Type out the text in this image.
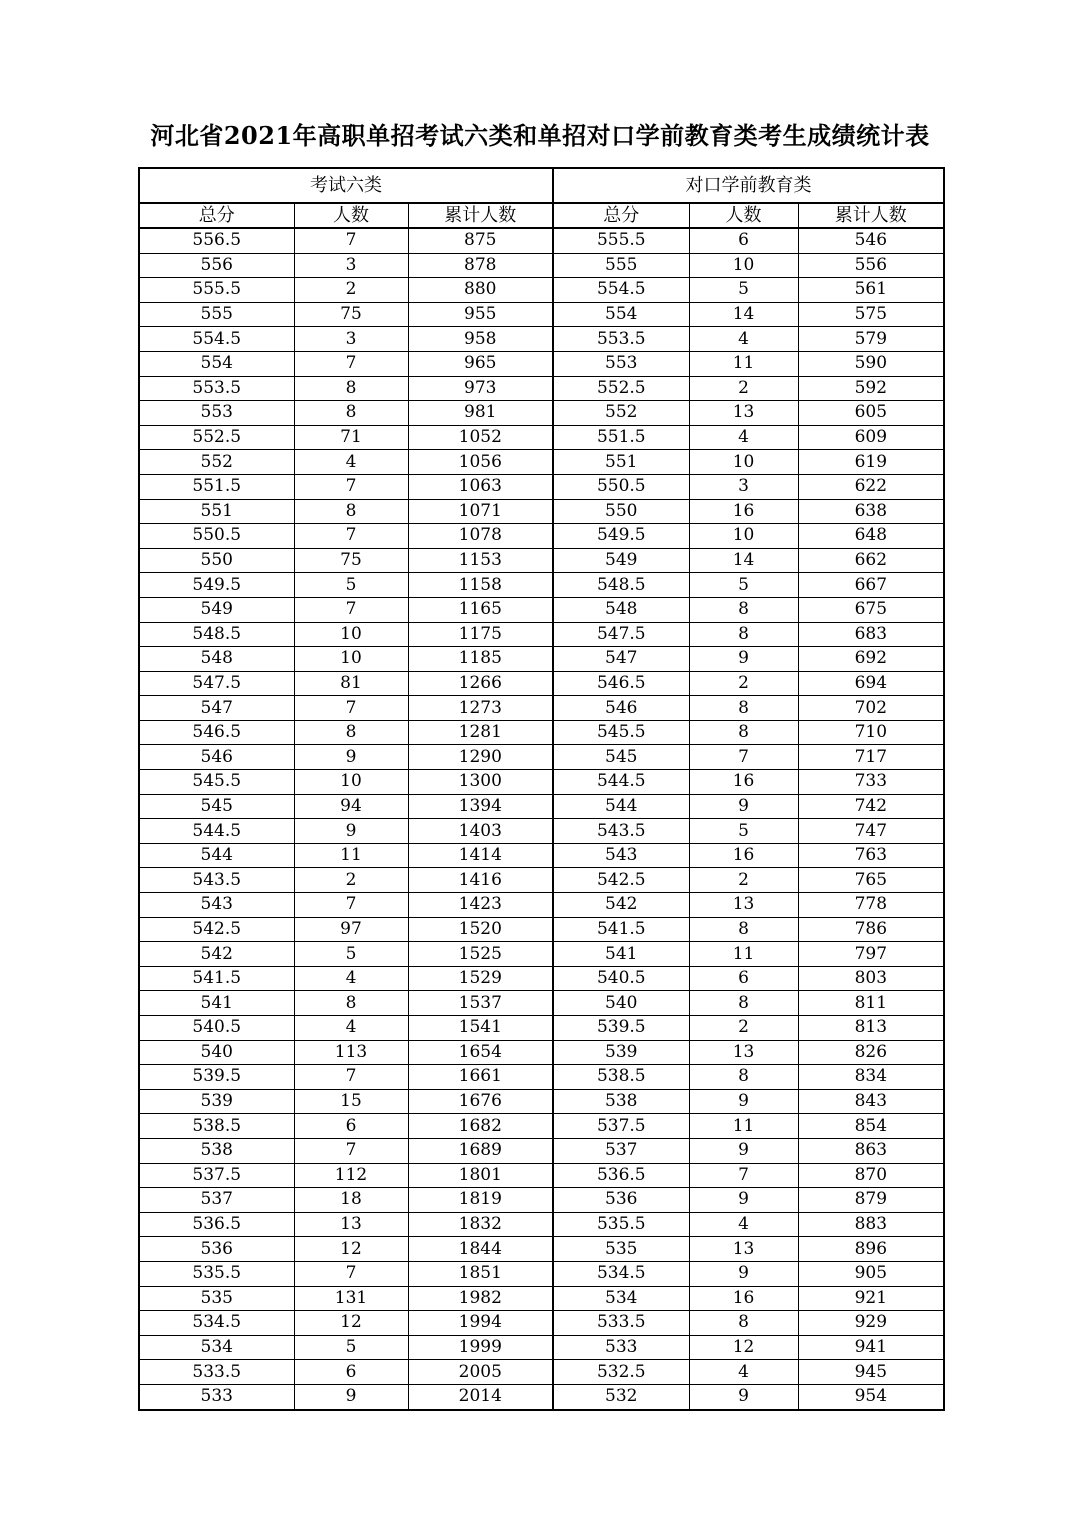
河北省2021年高职单招考试六类和单招对口学前教育类考生成绩统计表
考试六类			对口学前教育类		
总分	人数	累计人数	总分	人数	累计人数
556.5	7	875	555.5	6	546
556	3	878	555	10	556
555.5	2	880	554.5	5	561
555	75	955	554	14	575
554.5	3	958	553.5	4	579
554	7	965	553	11	590
553.5	8	973	552.5	2	592
553	8	981	552	13	605
552.5	71	1052	551.5	4	609
552	4	1056	551	10	619
551.5	7	1063	550.5	3	622
551	8	1071	550	16	638
550.5	7	1078	549.5	10	648
550	75	1153	549	14	662
549.5	5	1158	548.5	5	667
549	7	1165	548	8	675
548.5	10	1175	547.5	8	683
548	10	1185	547	9	692
547.5	81	1266	546.5	2	694
547	7	1273	546	8	702
546.5	8	1281	545.5	8	710
546	9	1290	545	7	717
545.5	10	1300	544.5	16	733
545	94	1394	544	9	742
544.5	9	1403	543.5	5	747
544	11	1414	543	16	763
543.5	2	1416	542.5	2	765
543	7	1423	542	13	778
542.5	97	1520	541.5	8	786
542	5	1525	541	11	797
541.5	4	1529	540.5	6	803
541	8	1537	540	8	811
540.5	4	1541	539.5	2	813
540	113	1654	539	13	826
539.5	7	1661	538.5	8	834
539	15	1676	538	9	843
538.5	6	1682	537.5	11	854
538	7	1689	537	9	863
537.5	112	1801	536.5	7	870
537	18	1819	536	9	879
536.5	13	1832	535.5	4	883
536	12	1844	535	13	896
535.5	7	1851	534.5	9	905
535	131	1982	534	16	921
534.5	12	1994	533.5	8	929
534	5	1999	533	12	941
533.5	6	2005	532.5	4	945
533	9	2014	532	9	954
